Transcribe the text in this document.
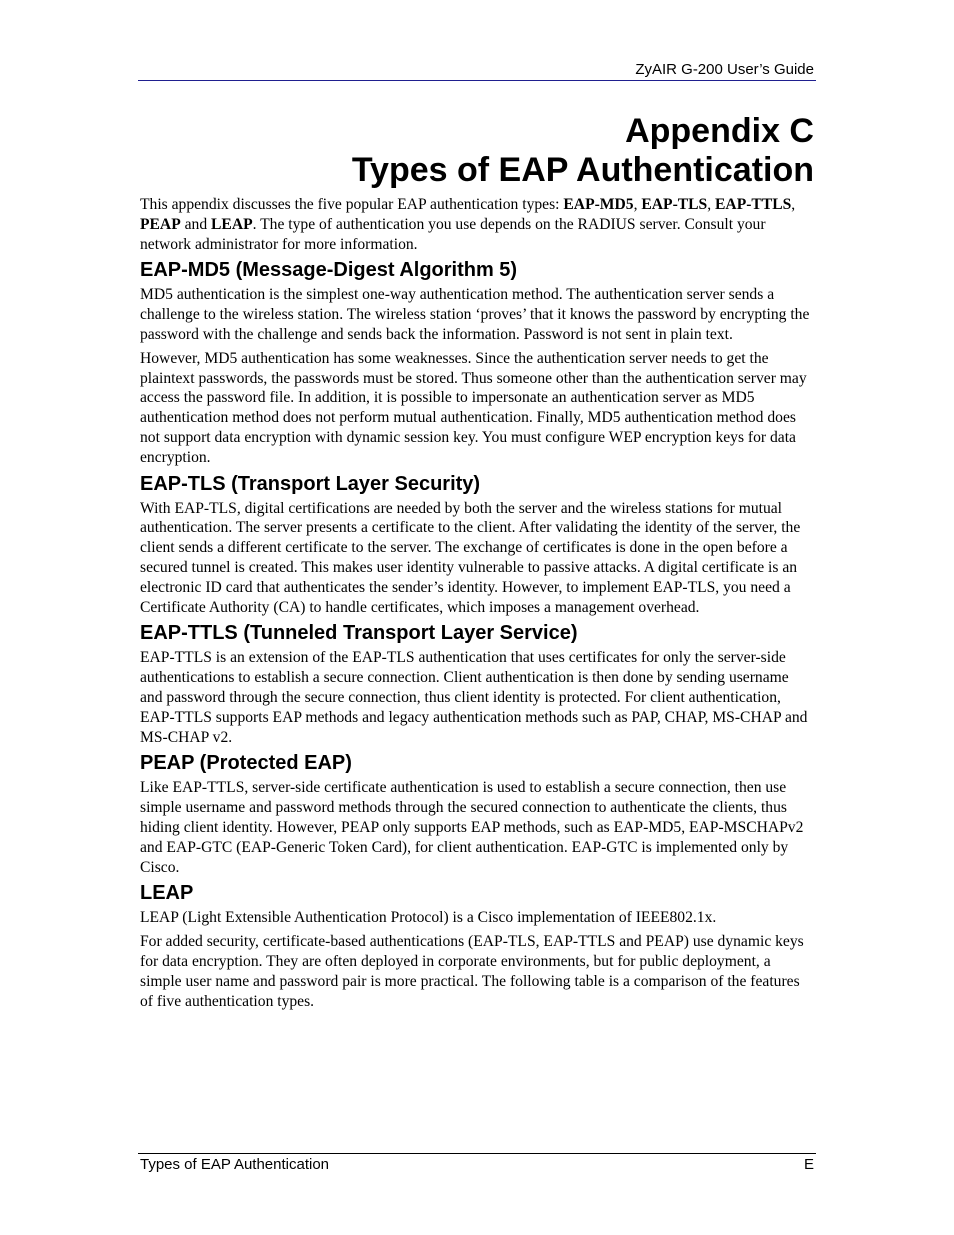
ZyAIR G-200 User’s Guide
Appendix C
Types of EAP Authentication

This appendix discusses the five popular EAP authentication types: EAP-MD5, EAP-TLS, EAP-TTLS, PEAP and LEAP. The type of authentication you use depends on the RADIUS server. Consult your network administrator for more information.

EAP-MD5 (Message-Digest Algorithm 5)

MD5 authentication is the simplest one-way authentication method. The authentication server sends a challenge to the wireless station. The wireless station ‘proves’ that it knows the password by encrypting the password with the challenge and sends back the information. Password is not sent in plain text.

However, MD5 authentication has some weaknesses. Since the authentication server needs to get the plaintext passwords, the passwords must be stored. Thus someone other than the authentication server may access the password file. In addition, it is possible to impersonate an authentication server as MD5 authentication method does not perform mutual authentication. Finally, MD5 authentication method does not support data encryption with dynamic session key. You must configure WEP encryption keys for data encryption.

EAP-TLS (Transport Layer Security)

With EAP-TLS, digital certifications are needed by both the server and the wireless stations for mutual authentication. The server presents a certificate to the client. After validating the identity of the server, the client sends a different certificate to the server. The exchange of certificates is done in the open before a secured tunnel is created. This makes user identity vulnerable to passive attacks. A digital certificate is an electronic ID card that authenticates the sender’s identity. However, to implement EAP-TLS, you need a Certificate Authority (CA) to handle certificates, which imposes a management overhead.

EAP-TTLS (Tunneled Transport Layer Service)

EAP-TTLS is an extension of the EAP-TLS authentication that uses certificates for only the server-side authentications to establish a secure connection. Client authentication is then done by sending username and password through the secure connection, thus client identity is protected. For client authentication, EAP-TTLS supports EAP methods and legacy authentication methods such as PAP, CHAP, MS-CHAP and MS-CHAP v2.

PEAP (Protected EAP)

Like EAP-TTLS, server-side certificate authentication is used to establish a secure connection, then use simple username and password methods through the secured connection to authenticate the clients, thus hiding client identity. However, PEAP only supports EAP methods, such as EAP-MD5, EAP-MSCHAPv2 and EAP-GTC (EAP-Generic Token Card), for client authentication. EAP-GTC is implemented only by Cisco.

LEAP

LEAP (Light Extensible Authentication Protocol) is a Cisco implementation of IEEE802.1x.

For added security, certificate-based authentications (EAP-TLS, EAP-TTLS and PEAP) use dynamic keys for data encryption. They are often deployed in corporate environments, but for public deployment, a simple user name and password pair is more practical. The following table is a comparison of the features of five authentication types.

Types of EAP Authentication	E
